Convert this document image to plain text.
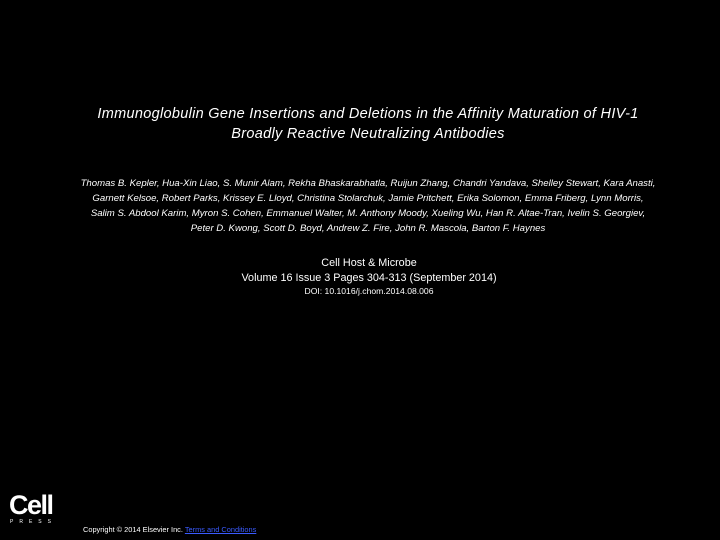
Immunoglobulin Gene Insertions and Deletions in the Affinity Maturation of HIV-1
Broadly Reactive Neutralizing Antibodies
Thomas B. Kepler, Hua-Xin Liao, S. Munir Alam, Rekha Bhaskarabhatla, Ruijun Zhang, Chandri Yandava, Shelley Stewart, Kara Anasti,
Garnett Kelsoe, Robert Parks, Krissey E. Lloyd, Christina Stolarchuk, Jamie Pritchett, Erika Solomon, Emma Friberg, Lynn Morris,
Salim S. Abdool Karim, Myron S. Cohen, Emmanuel Walter, M. Anthony Moody, Xueling Wu, Han R. Altae-Tran, Ivelin S. Georgiev,
Peter D. Kwong, Scott D. Boyd, Andrew Z. Fire, John R. Mascola, Barton F. Haynes
Cell Host & Microbe
Volume 16 Issue 3 Pages 304-313 (September 2014)
DOI: 10.1016/j.chom.2014.08.006
Cell
PRESS
Copyright © 2014 Elsevier Inc. Terms and Conditions
